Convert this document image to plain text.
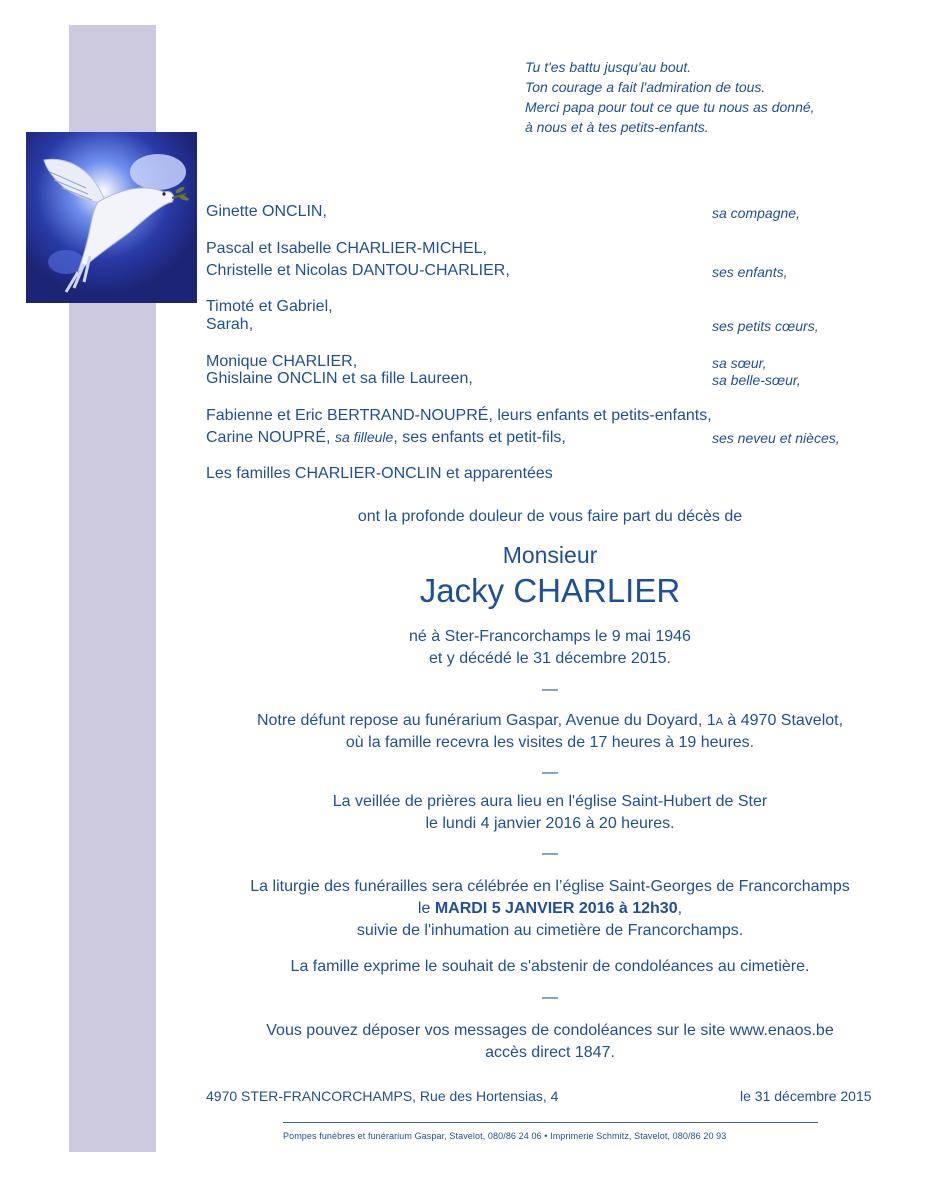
Tu t'es battu jusqu'au bout.
Ton courage a fait l'admiration de tous.
Merci papa pour tout ce que tu nous as donné,
à nous et à tes petits-enfants.
Ginette ONCLIN,	sa compagne,
Pascal et Isabelle CHARLIER-MICHEL,
Christelle et Nicolas DANTOU-CHARLIER,	ses enfants,
Timoté et Gabriel,
Sarah,	ses petits cœurs,
Monique CHARLIER,	sa sœur,
Ghislaine ONCLIN et sa fille Laureen,	sa belle-sœur,
Fabienne et Eric BERTRAND-NOUPRÉ, leurs enfants et petits-enfants,
Carine NOUPRÉ, sa filleule, ses enfants et petit-fils,	ses neveu et nièces,
Les familles CHARLIER-ONCLIN et apparentées
ont la profonde douleur de vous faire part du décès de
Monsieur
Jacky CHARLIER
né à Ster-Francorchamps le 9 mai 1946
et y décédé le 31 décembre 2015.
—
Notre défunt repose au funérarium Gaspar, Avenue du Doyard, 1A à 4970 Stavelot,
où la famille recevra les visites de 17 heures à 19 heures.
—
La veillée de prières aura lieu en l'église Saint-Hubert de Ster
le lundi 4 janvier 2016 à 20 heures.
—
La liturgie des funérailles sera célébrée en l’église Saint-Georges de Francorchamps
le MARDI 5 JANVIER 2016 à 12h30,
suivie de l'inhumation au cimetière de Francorchamps.
La famille exprime le souhait de s'abstenir de condoléances au cimetière.
—
Vous pouvez déposer vos messages de condoléances sur le site www.enaos.be
accès direct 1847.
4970 STER-FRANCORCHAMPS, Rue des Hortensias, 4	le 31 décembre 2015
Pompes funèbres et funérarium Gaspar, Stavelot, 080/86 24 06 • Imprimerie Schmitz, Stavelot, 080/86 20 93
